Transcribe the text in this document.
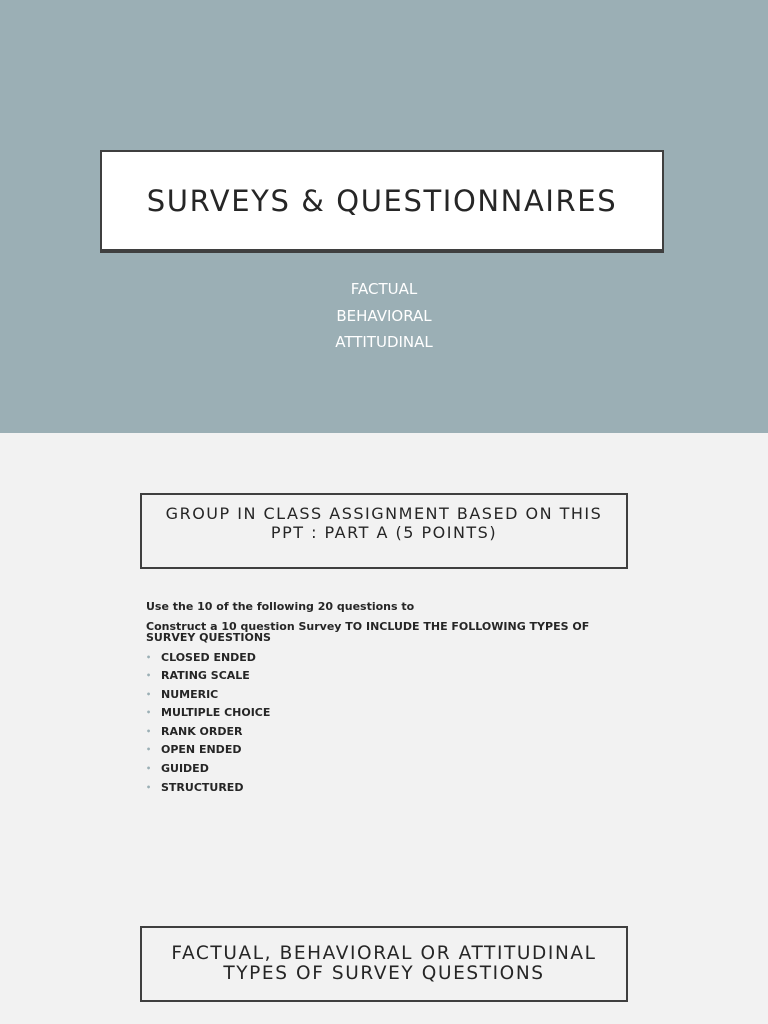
SURVEYS & QUESTIONNAIRES
FACTUAL
BEHAVIORAL
ATTITUDINAL
GROUP IN CLASS ASSIGNMENT BASED ON THIS
PPT : PART A (5 POINTS)

Use the 10 of the following 20 questions to

Construct a 10 question Survey TO INCLUDE THE FOLLOWING TYPES OF SURVEY QUESTIONS

• CLOSED ENDED
• RATING SCALE
• NUMERIC
• MULTIPLE CHOICE
• RANK ORDER
• OPEN ENDED
• GUIDED
• STRUCTURED
FACTUAL, BEHAVIORAL OR ATTITUDINAL
TYPES OF SURVEY QUESTIONS
